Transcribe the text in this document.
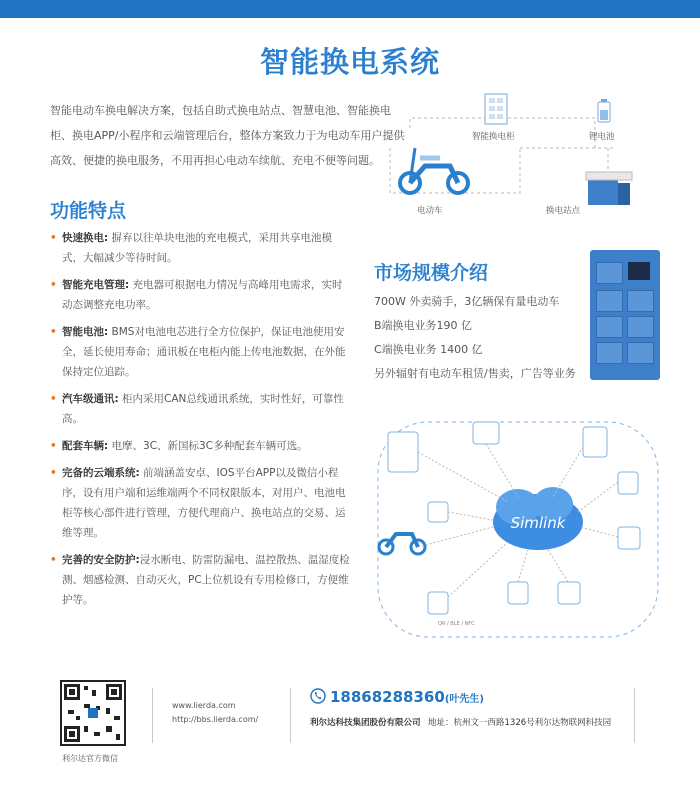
智能换电系统
智能电动车换电解决方案，包括自助式换电站点、智慧电池、智能换电柜、换电APP/小程序和云端管理后台，整体方案致力于为电动车用户提供高效、便捷的换电服务，不用再担心电动车续航、充电不便等问题。
智能换电柜	锂电池
电动车	换电站点
功能特点
• 快速换电: 摒弃以往单块电池的充电模式，采用共享电池模式，大幅减少等待时间。
• 智能充电管理: 充电器可根据电力情况与高峰用电需求，实时动态调整充电功率。
• 智能电池: BMS对电池电芯进行全方位保护，保证电池使用安全，延长使用寿命；通讯板在电柜内能上传电池数据，在外能保持定位追踪。
• 汽车级通讯: 柜内采用CAN总线通讯系统，实时性好，可靠性高。
• 配套车辆: 电摩、3C、新国标3C多种配套车辆可选。
• 完备的云端系统: 前端涵盖安卓、IOS平台APP以及微信小程序，设有用户端和运维端两个不同权限版本，对用户、电池电柜等核心部件进行管理，方便代理商户、换电站点的交易、运维等理。
• 完善的安全防护:浸水断电、防雷防漏电、温控散热、温湿度检测、烟感检测、自动灭火，PC上位机设有专用检修口，方便维护等。
市场规模介绍
700W 外卖骑手，3亿辆保有量电动车
B端换电业务190 亿
C端换电业务 1400 亿
另外辐射有电动车租赁/售卖，广告等业务
Simlink
QR / BLE / NFC
利尔达官方微信
www.lierda.com
http://bbs.lierda.com/
18868288360(叶先生)
利尔达科技集团股份有限公司 地址：杭州文一西路1326号利尔达物联网科技园
